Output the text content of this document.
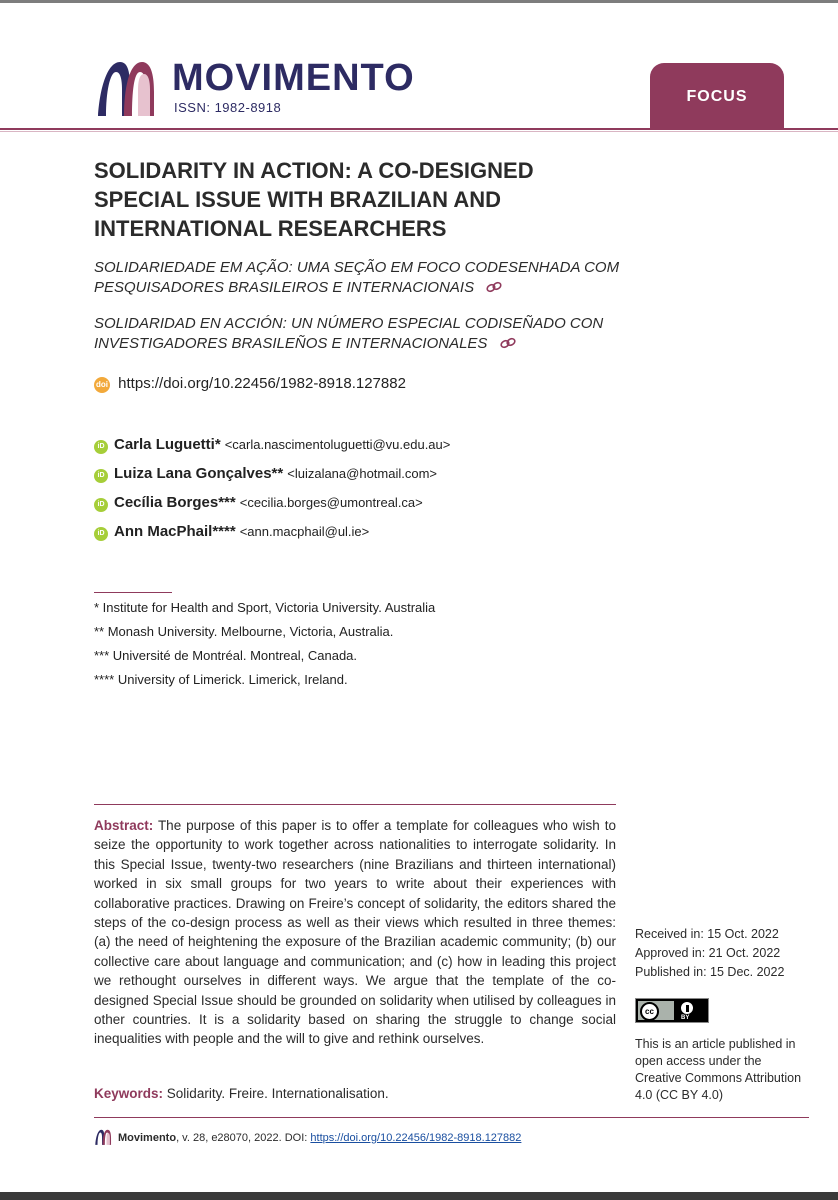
MOVIMENTO
ISSN: 1982-8918
FOCUS
SOLIDARITY IN ACTION: A CO-DESIGNED SPECIAL ISSUE WITH BRAZILIAN AND INTERNATIONAL RESEARCHERS
SOLIDARIEDADE EM AÇÃO: UMA SEÇÃO EM FOCO CODESENHADA COM PESQUISADORES BRASILEIROS E INTERNACIONAIS
SOLIDARIDAD EN ACCIÓN: UN NÚMERO ESPECIAL CODISEÑADO CON INVESTIGADORES BRASILEÑOS E INTERNACIONALES
doi https://doi.org/10.22456/1982-8918.127882
iD Carla Luguetti* <carla.nascimentoluguetti@vu.edu.au>
iD Luiza Lana Gonçalves** <luizalana@hotmail.com>
iD Cecília Borges*** <cecilia.borges@umontreal.ca>
iD Ann MacPhail**** <ann.macphail@ul.ie>
* Institute for Health and Sport, Victoria University. Australia
** Monash University. Melbourne, Victoria, Australia.
*** Université de Montréal. Montreal, Canada.
**** University of Limerick. Limerick, Ireland.
Abstract: The purpose of this paper is to offer a template for colleagues who wish to seize the opportunity to work together across nationalities to interrogate solidarity. In this Special Issue, twenty-two researchers (nine Brazilians and thirteen international) worked in six small groups for two years to write about their experiences with collaborative practices. Drawing on Freire’s concept of solidarity, the editors shared the steps of the co-design process as well as their views which resulted in three themes: (a) the need of heightening the exposure of the Brazilian academic community; (b) our collective care about language and communication; and (c) how in leading this project we rethought ourselves in different ways. We argue that the template of the co-designed Special Issue should be grounded on solidarity when utilised by colleagues in other countries. It is a solidarity based on sharing the struggle to change social inequalities with people and the will to give and rethink ourselves.
Keywords: Solidarity. Freire. Internationalisation.
Received in: 15 Oct. 2022
Approved in: 21 Oct. 2022
Published in: 15 Dec. 2022
cc
BY
This is an article published in open access under the Creative Commons Attribution 4.0 (CC BY 4.0)
Movimento, v. 28, e28070, 2022. DOI: https://doi.org/10.22456/1982-8918.127882
